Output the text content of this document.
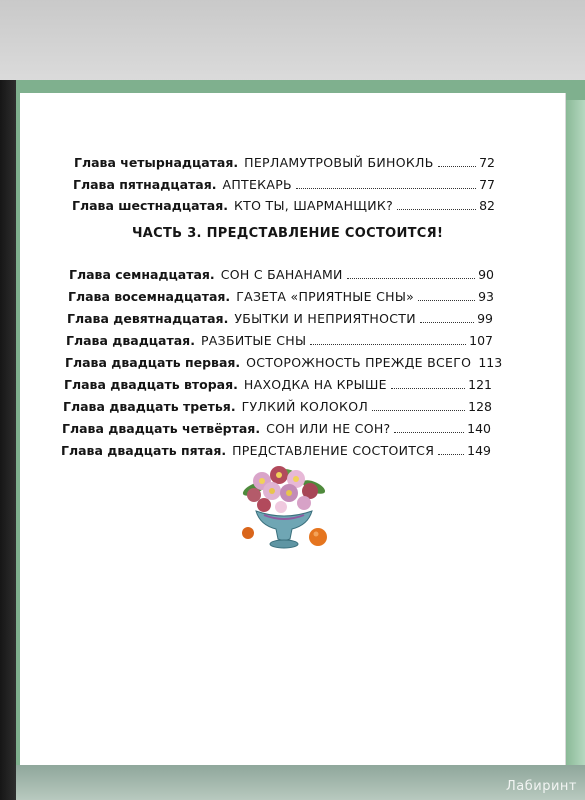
Глава четырнадцатая. ПЕРЛАМУТРОВЫЙ БИНОКЛЬ	72
Глава пятнадцатая. АПТЕКАРЬ	77
Глава шестнадцатая. КТО ТЫ, ШАРМАНЩИК?	82
ЧАСТЬ 3. ПРЕДСТАВЛЕНИЕ СОСТОИТСЯ!
Глава семнадцатая. СОН С БАНАНАМИ	90
Глава восемнадцатая. ГАЗЕТА «ПРИЯТНЫЕ СНЫ»	93
Глава девятнадцатая. УБЫТКИ И НЕПРИЯТНОСТИ	99
Глава двадцатая. РАЗБИТЫЕ СНЫ	107
Глава двадцать первая. ОСТОРОЖНОСТЬ ПРЕЖДЕ ВСЕГО 113
Глава двадцать вторая. НАХОДКА НА КРЫШЕ	121
Глава двадцать третья. ГУЛКИЙ КОЛОКОЛ	128
Глава двадцать четвёртая. СОН ИЛИ НЕ СОН?	140
Глава двадцать пятая. ПРЕДСТАВЛЕНИЕ СОСТОИТСЯ	149
Лабиринт
